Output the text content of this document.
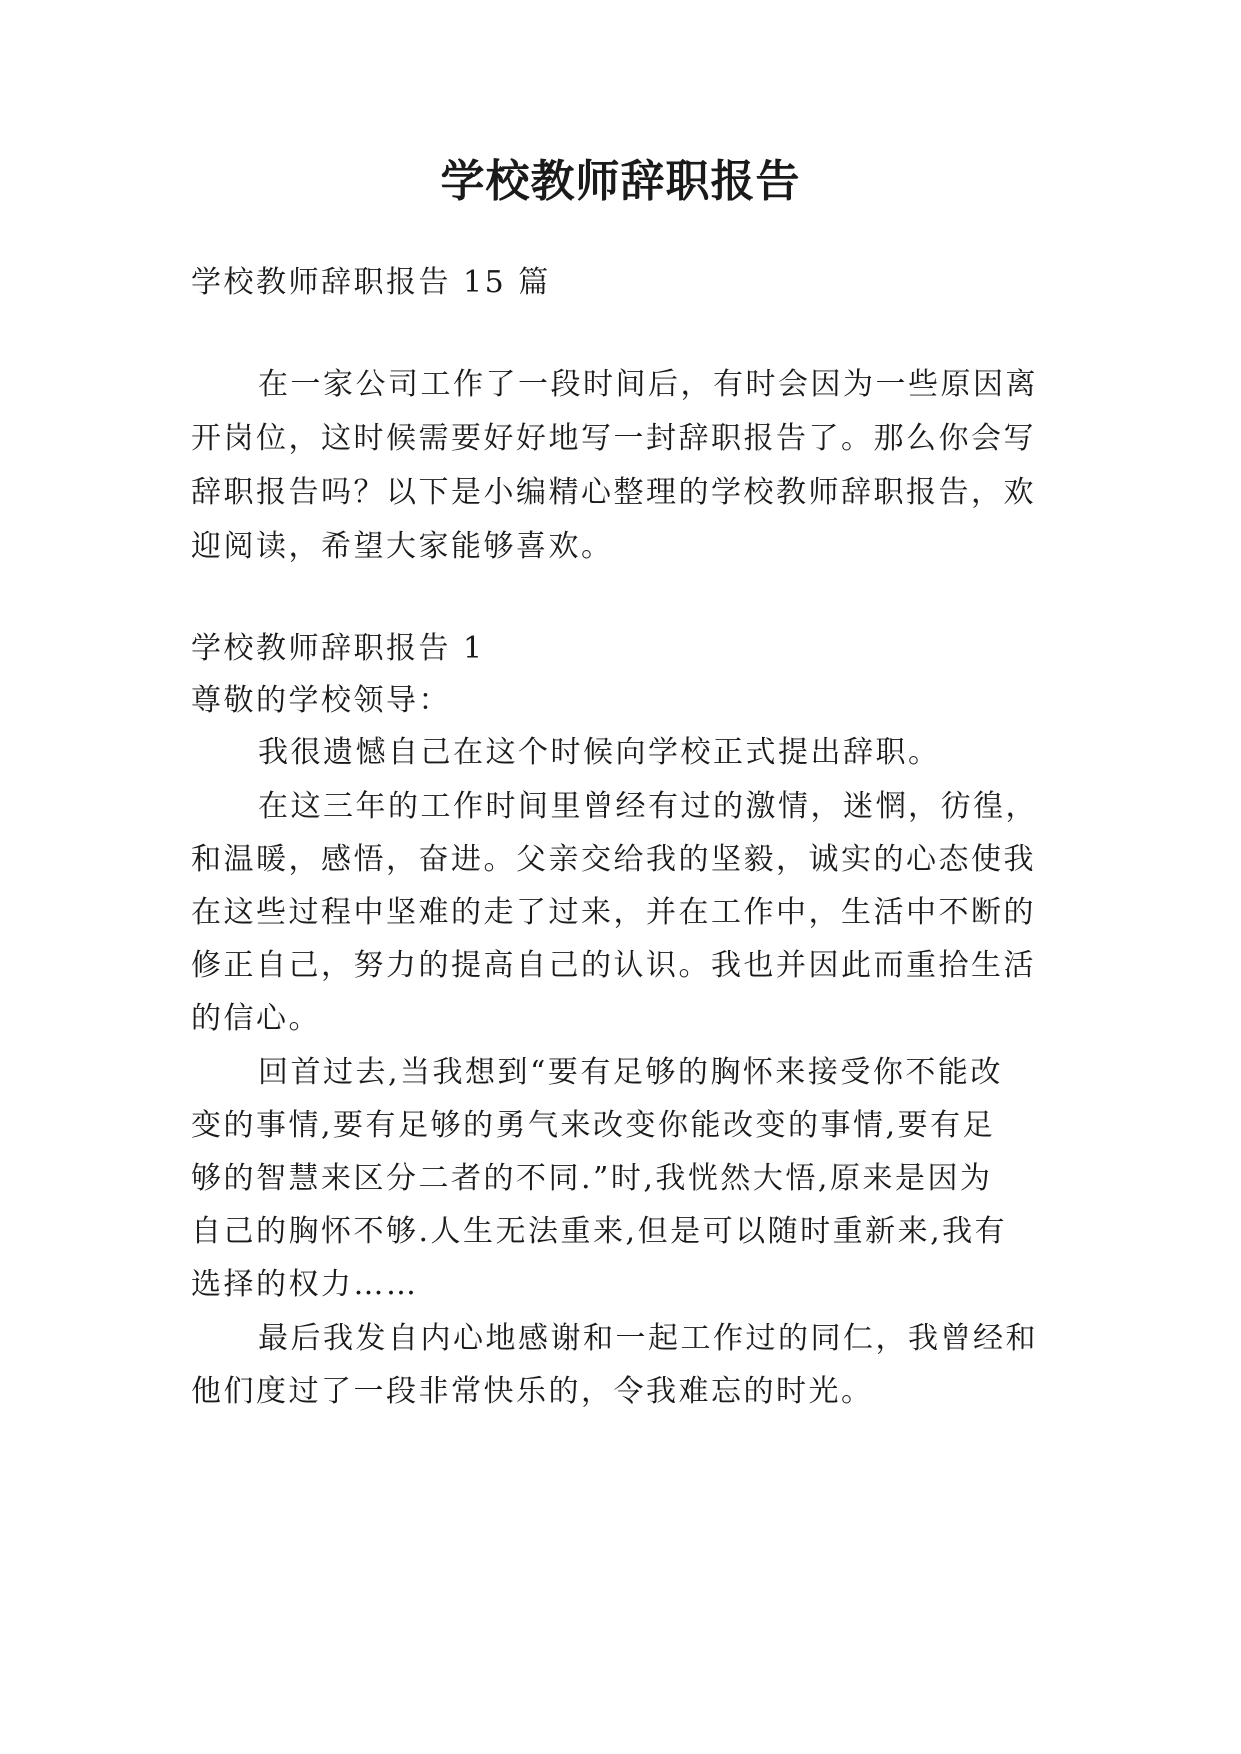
学校教师辞职报告
学校教师辞职报告 15 篇
在一家公司工作了一段时间后，有时会因为一些原因离
开岗位，这时候需要好好地写一封辞职报告了。那么你会写
辞职报告吗？以下是小编精心整理的学校教师辞职报告，欢
迎阅读，希望大家能够喜欢。
学校教师辞职报告 1
尊敬的学校领导：
我很遗憾自己在这个时候向学校正式提出辞职。
在这三年的工作时间里曾经有过的激情，迷惘，彷徨，
和温暖，感悟，奋进。父亲交给我的坚毅，诚实的心态使我
在这些过程中坚难的走了过来，并在工作中，生活中不断的
修正自己，努力的提高自己的认识。我也并因此而重拾生活
的信心。
回首过去,当我想到“要有足够的胸怀来接受你不能改
变的事情,要有足够的勇气来改变你能改变的事情,要有足
够的智慧来区分二者的不同.”时,我恍然大悟,原来是因为
自己的胸怀不够.人生无法重来,但是可以随时重新来,我有
选择的权力……
最后我发自内心地感谢和一起工作过的同仁，我曾经和
他们度过了一段非常快乐的，令我难忘的时光。
